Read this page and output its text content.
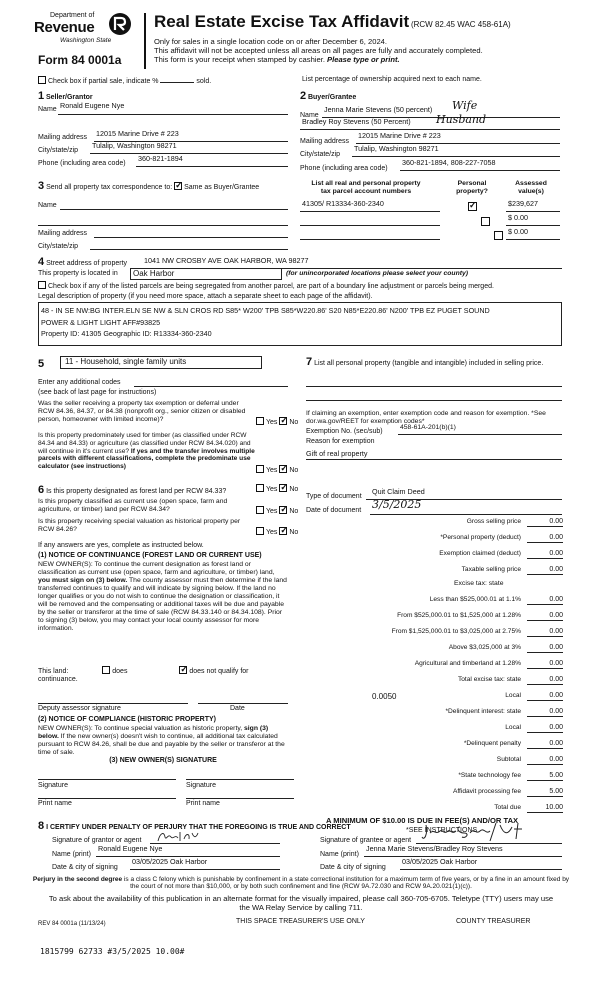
Department of
Revenue
Washington State
Form 84 0001a
Real Estate Excise Tax Affidavit (RCW 82.45 WAC 458-61A)
Only for sales in a single location code on or after December 6, 2024.
This affidavit will not be accepted unless all areas on all pages are fully and accurately completed.
This form is your receipt when stamped by cashier. Please type or print.
Check box if partial sale, indicate %	sold.	List percentage of ownership acquired next to each name.
1 Seller/Grantor
Name Ronald Eugene Nye
Mailing address 12015 Marine Drive # 223
City/state/zip
Tulalip, Washington 98271
Phone (including area code)
360-821-1894
2 Buyer/Grantee
Name
Jenna Marie Stevens (50 percent) Wife
Bradley Roy Stevens (50 Percent) Husband
Mailing address
12015 Marine Drive # 223
City/state/zip
Tulalip, Washington 98271
Phone (including area code)
360-821-1894, 808-227-7058
3 Send all property tax correspondence to: ✓ Same as Buyer/Grantee
Name
Mailing address
City/state/zip
List all real and personal property tax parcel account numbers
Personal property?
Assessed value(s)
41305/ R13334-360-2340 ✓	$239,627

$ 0.00
$ 0.00
4 Street address of property	1041 NW CROSBY AVE OAK HARBOR, WA 98277
This property is located in Oak Harbor	(for unincorporated locations please select your county)
Check box if any of the listed parcels are being segregated from another parcel, are part of a boundary line adjustment or parcels being merged.
Legal description of property (if you need more space, attach a separate sheet to each page of the affidavit).
48 - IN SE NW:BG INTER.ELN SE NW & SLN CROS RD S85* W200' TPB S85*W220.86' S20 N85*E220.86' N200' TPB EZ PUGET SOUND
POWER & LIGHT LIGHT AFF#93825
Property ID: 41305 Geographic ID: R13334-360-2340
5	11 - Household, single family units
Enter any additional codes
(see back of last page for instructions)
Was the seller receiving a property tax exemption or deferral under RCW 84.36, 84.37, or 84.38 (nonprofit org., senior citizen or disabled person, homeowner with limited income)?	Yes ✓ No
Is this property predominately used for timber (as classified under RCW 84.34 and 84.33) or agriculture (as classified under RCW 84.34.020) and will continue in it's current use? If yes and the transfer involves multiple parcels with different classifications, complete the predominate use calculator (see instructions)
Yes ✓ No
6 Is this property designated as forest land per RCW 84.33?	Yes ✓ No
Is this property classified as current use (open space, farm and agriculture, or timber) land per RCW 84.34?	Yes ✓ No
Is this property receiving special valuation as historical property per RCW 84.26?	Yes ✓ No
If any answers are yes, complete as instructed below.
(1) NOTICE OF CONTINUANCE (FOREST LAND OR CURRENT USE)
NEW OWNER(S): To continue the current designation as forest land or classification as current use (open space, farm and agriculture, or timber) land, you must sign on (3) below. The county assessor must then determine if the land transferred continues to qualify and will indicate by signing below. If the land no longer qualifies or you do not wish to continue the designation or classification, it will be removed and the compensating or additional taxes will be due and payable by the seller or transferor at the time of sale (RCW 84.33.140 or 84.34.108). Prior to signing (3) below, you may contact your local county assessor for more information.
This land:	does ✓	does not qualify for
continuance.
Deputy assessor signature	Date
(2) NOTICE OF COMPLIANCE (HISTORIC PROPERTY)
NEW OWNER(S): To continue special valuation as historic property, sign (3) below. If the new owner(s) doesn't wish to continue, all additional tax calculated pursuant to RCW 84.26, shall be due and payable by the seller or transferor at the time of sale.
(3) NEW OWNER(S) SIGNATURE
Signature	Signature
Print name	Print name
7 List all personal property (tangible and intangible) included in selling price.
If claiming an exemption, enter exemption code and reason for exemption. *See dor.wa.gov/REET for exemption codes*
Exemption No. (sec/sub)
458-61A-201(b)(1)
Reason for exemption
Gift of real property
Type of document
Quit Claim Deed
Date of document 3/5/2025
Gross selling price	0.00
*Personal property (deduct)	0.00
Exemption claimed (deduct)	0.00
Taxable selling price	0.00
Excise tax: state
Less than $525,000.01 at 1.1%	0.00
From $525,000.01 to $1,525,000 at 1.28%	0.00
From $1,525,000.01 to $3,025,000 at 2.75%	0.00
Above $3,025,000 at 3%	0.00
Agricultural and timberland at 1.28%	0.00
Total excise tax: state	0.00
0.0050	Local	0.00
*Delinquent interest: state	0.00
Local	0.00
*Delinquent penalty	0.00
Subtotal	0.00
*State technology fee	5.00
Affidavit processing fee	5.00
Total due	10.00
A MINIMUM OF $10.00 IS DUE IN FEE(S) AND/OR TAX
*SEE INSTRUCTIONS
8 I CERTIFY UNDER PENALTY OF PERJURY THAT THE FOREGOING IS TRUE AND CORRECT
Signature of grantor or agent
Name (print)
Ronald Eugene Nye
Date & city of signing
03/05/2025 Oak Harbor
Signature of grantee or agent
Name (print)
Jenna Marie Stevens/Bradley Roy Stevens
Date & city of signing
03/05/2025 Oak Harbor
Perjury in the second degree is a class C felony which is punishable by confinement in a state correctional institution for a maximum term of five years, or by a fine in an amount fixed by the court of not more than $10,000, or by both such confinement and fine (RCW 9A.72.030 and RCW 9A.20.021(1)(c)).
To ask about the availability of this publication in an alternate format for the visually impaired, please call 360-705-6705. Teletype (TTY) users may use the WA Relay Service by calling 711.
REV 84 0001a (11/13/24)	THIS SPACE TREASURER'S USE ONLY	COUNTY TREASURER
1815799 62733 #3/5/2025 10.00#
